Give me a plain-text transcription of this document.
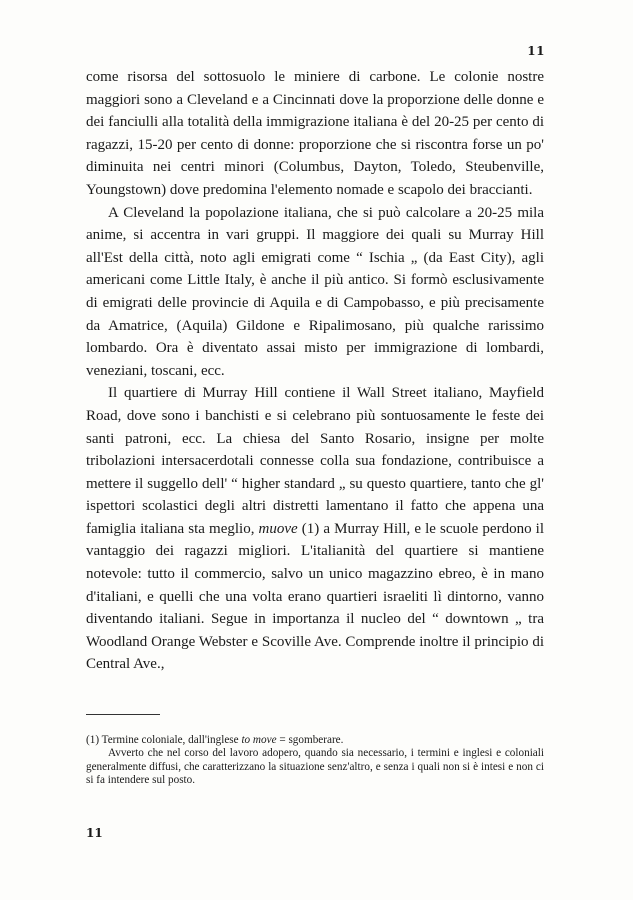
11

come risorsa del sottosuolo le miniere di carbone. Le colonie nostre maggiori sono a Cleveland e a Cincinnati dove la proporzione delle donne e dei fanciulli alla totalità della immigrazione italiana è del 20-25 per cento di ragazzi, 15-20 per cento di donne: proporzione che si riscontra forse un po' diminuita nei centri minori (Columbus, Dayton, Toledo, Steubenville, Youngstown) dove predomina l'elemento nomade e scapolo dei braccianti.

A Cleveland la popolazione italiana, che si può calcolare a 20-25 mila anime, si accentra in vari gruppi. Il maggiore dei quali su Murray Hill all'Est della città, noto agli emigrati come “ Ischia „ (da East City), agli americani come Little Italy, è anche il più antico. Si formò esclusivamente di emigrati delle provincie di Aquila e di Campobasso, e più precisamente da Amatrice, (Aquila) Gildone e Ripalimosano, più qualche rarissimo lombardo. Ora è diventato assai misto per immigrazione di lombardi, veneziani, toscani, ecc.

Il quartiere di Murray Hill contiene il Wall Street italiano, Mayfield Road, dove sono i banchisti e si celebrano più sontuosamente le feste dei santi patroni, ecc. La chiesa del Santo Rosario, insigne per molte tribolazioni intersacerdotali connesse colla sua fondazione, contribuisce a mettere il suggello dell' “ higher standard „ su questo quartiere, tanto che gl' ispettori scolastici degli altri distretti lamentano il fatto che appena una famiglia italiana sta meglio, muove (1) a Murray Hill, e le scuole perdono il vantaggio dei ragazzi migliori. L'italianità del quartiere si mantiene notevole: tutto il commercio, salvo un unico magazzino ebreo, è in mano d'italiani, e quelli che una volta erano quartieri israeliti lì dintorno, vanno diventando italiani. Segue in importanza il nucleo del “ downtown „ tra Woodland Orange Webster e Scoville Ave. Comprende inoltre il principio di Central Ave.,

(1) Termine coloniale, dall'inglese to move = sgomberare.

Avverto che nel corso del lavoro adopero, quando sia necessario, i termini e inglesi e coloniali generalmente diffusi, che caratterizzano la situazione senz'altro, e senza i quali non si è intesi e non ci si fa intendere sul posto.

11
